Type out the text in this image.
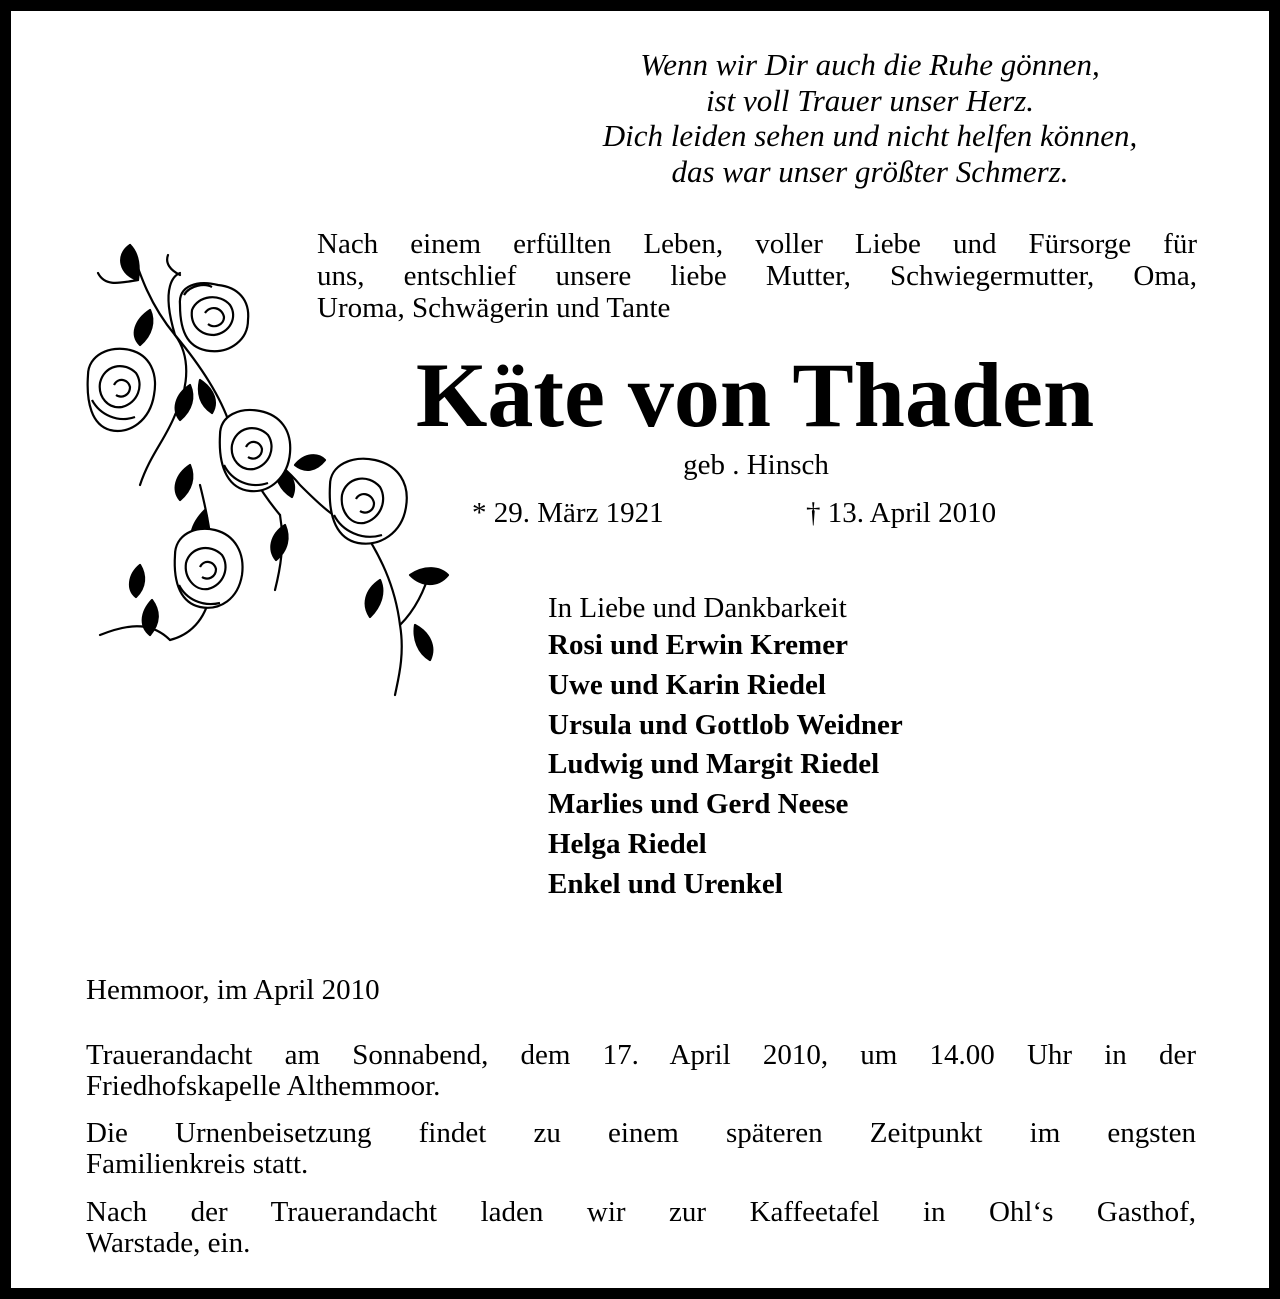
Wenn wir Dir auch die Ruhe gönnen,
ist voll Trauer unser Herz.
Dich leiden sehen und nicht helfen können,
das war unser größter Schmerz.
Nach einem erfüllten Leben, voller Liebe und Fürsorge für
uns, entschlief unsere liebe Mutter, Schwiegermutter, Oma,
Uroma, Schwägerin und Tante
Käte von Thaden
geb . Hinsch
* 29. März 1921	† 13. April 2010
In Liebe und Dankbarkeit
Rosi und Erwin Kremer
Uwe und Karin Riedel
Ursula und Gottlob Weidner
Ludwig und Margit Riedel
Marlies und Gerd Neese
Helga Riedel
Enkel und Urenkel
Hemmoor, im April 2010
Trauerandacht am Sonnabend, dem 17. April 2010, um 14.00 Uhr in der
Friedhofskapelle Althemmoor.
Die Urnenbeisetzung findet zu einem späteren Zeitpunkt im engsten
Familienkreis statt.
Nach der Trauerandacht laden wir zur Kaffeetafel in Ohl‘s Gasthof,
Warstade, ein.
